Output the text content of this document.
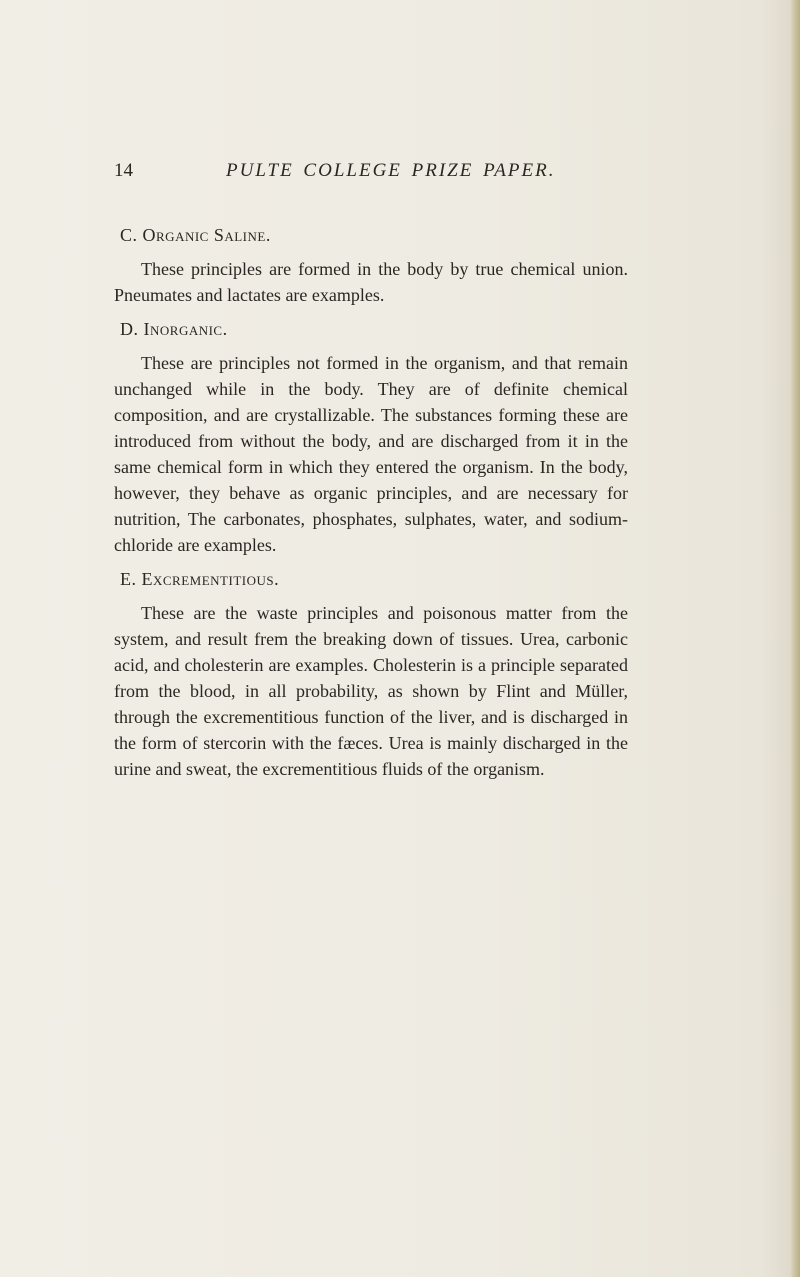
14	PULTE COLLEGE PRIZE PAPER.

C. Organic Saline.

These principles are formed in the body by true chemical union. Pneumates and lactates are examples.

D. Inorganic.

These are principles not formed in the organism, and that remain unchanged while in the body. They are of definite chemical composition, and are crystallizable. The substances forming these are introduced from without the body, and are discharged from it in the same chemical form in which they entered the organism. In the body, however, they behave as organic principles, and are necessary for nutrition, The carbonates, phosphates, sulphates, water, and sodium-chloride are examples.

E. Excrementitious.

These are the waste principles and poisonous matter from the system, and result frem the breaking down of tissues. Urea, carbonic acid, and cholesterin are examples. Cholesterin is a principle separated from the blood, in all probability, as shown by Flint and Müller, through the excrementitious function of the liver, and is discharged in the form of stercorin with the fæces. Urea is mainly discharged in the urine and sweat, the excrementitious fluids of the organism.
